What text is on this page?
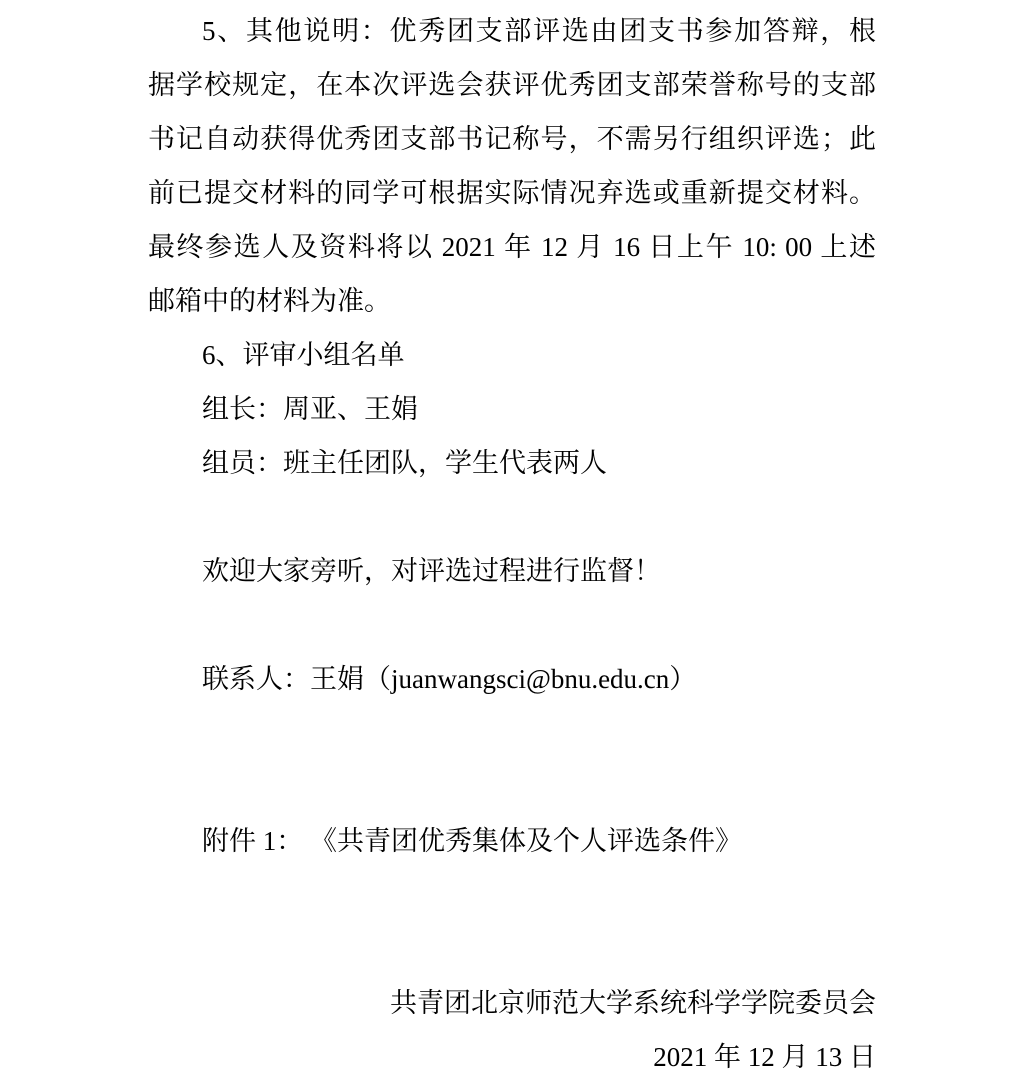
5、其他说明：优秀团支部评选由团支书参加答辩，根
据学校规定，在本次评选会获评优秀团支部荣誉称号的支部
书记自动获得优秀团支部书记称号，不需另行组织评选；此
前已提交材料的同学可根据实际情况弃选或重新提交材料。
最终参选人及资料将以 2021 年 12 月 16 日上午 10: 00 上述
邮箱中的材料为准。
6、评审小组名单
组长：周亚、王娟
组员：班主任团队，学生代表两人
欢迎大家旁听，对评选过程进行监督！
联系人：王娟（juanwangsci@bnu.edu.cn）
附件 1： 《共青团优秀集体及个人评选条件》
共青团北京师范大学系统科学学院委员会
2021 年 12 月 13 日
